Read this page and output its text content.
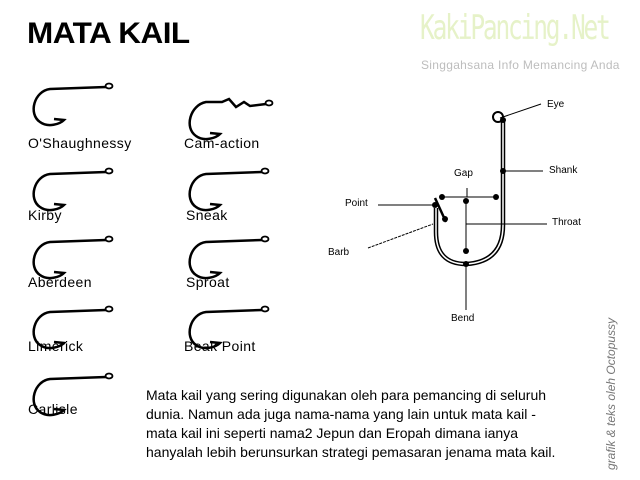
MATA KAIL	KakiPancing.Net
Singgahsana Info Memancing Anda
O'Shaughnessy	Cam-action
Kirby	Sneak
Aberdeen	Sproat
Limerick	Beak Point
Carlisle
Eye
Shank
Gap
Point
Throat
Barb
Bend
Mata kail yang sering digunakan oleh para pemancing di seluruh
dunia. Namun ada juga nama-nama yang lain untuk mata kail -
mata kail ini seperti nama2 Jepun dan Eropah dimana ianya
hanyalah lebih berunsurkan strategi pemasaran jenama mata kail.	grafik & teks oleh Octopussy
